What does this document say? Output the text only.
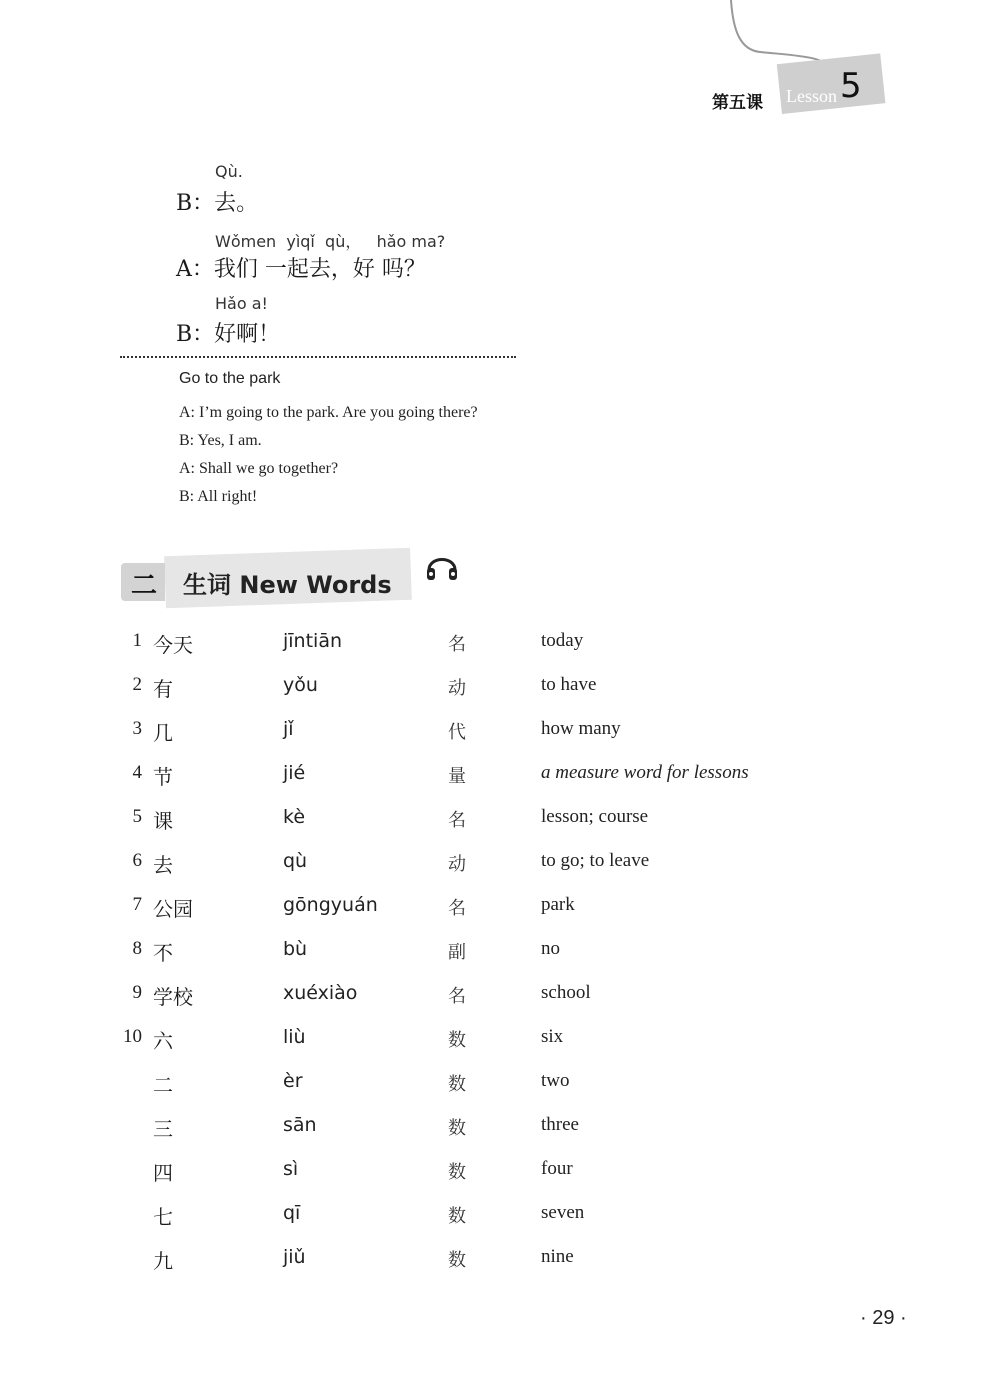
第五课 Lesson 5
Qù.
B：去。
Wǒmen  yìqǐ  qù，   hǎo ma?
A：我们 一起去，好 吗？
Hǎo a!
B：好啊！
Go to the park
A: I’m going to the park. Are you going there?
B: Yes, I am.
A: Shall we go together?
B: All right!
二 生词 New Words
1 今天	jīntiān	名	today
2 有	yǒu	动	to have
3 几	jǐ	代	how many
4 节	jié	量	a measure word for lessons
5 课	kè	名	lesson; course
6 去	qù	动	to go; to leave
7 公园	gōngyuán	名	park
8 不	bù	副	no
9 学校	xuéxiào	名	school
10 六	liù	数	six
二	èr	数	two
三	sān	数	three
四	sì	数	four
七	qī	数	seven
九	jiǔ	数	nine
· 29 ·
